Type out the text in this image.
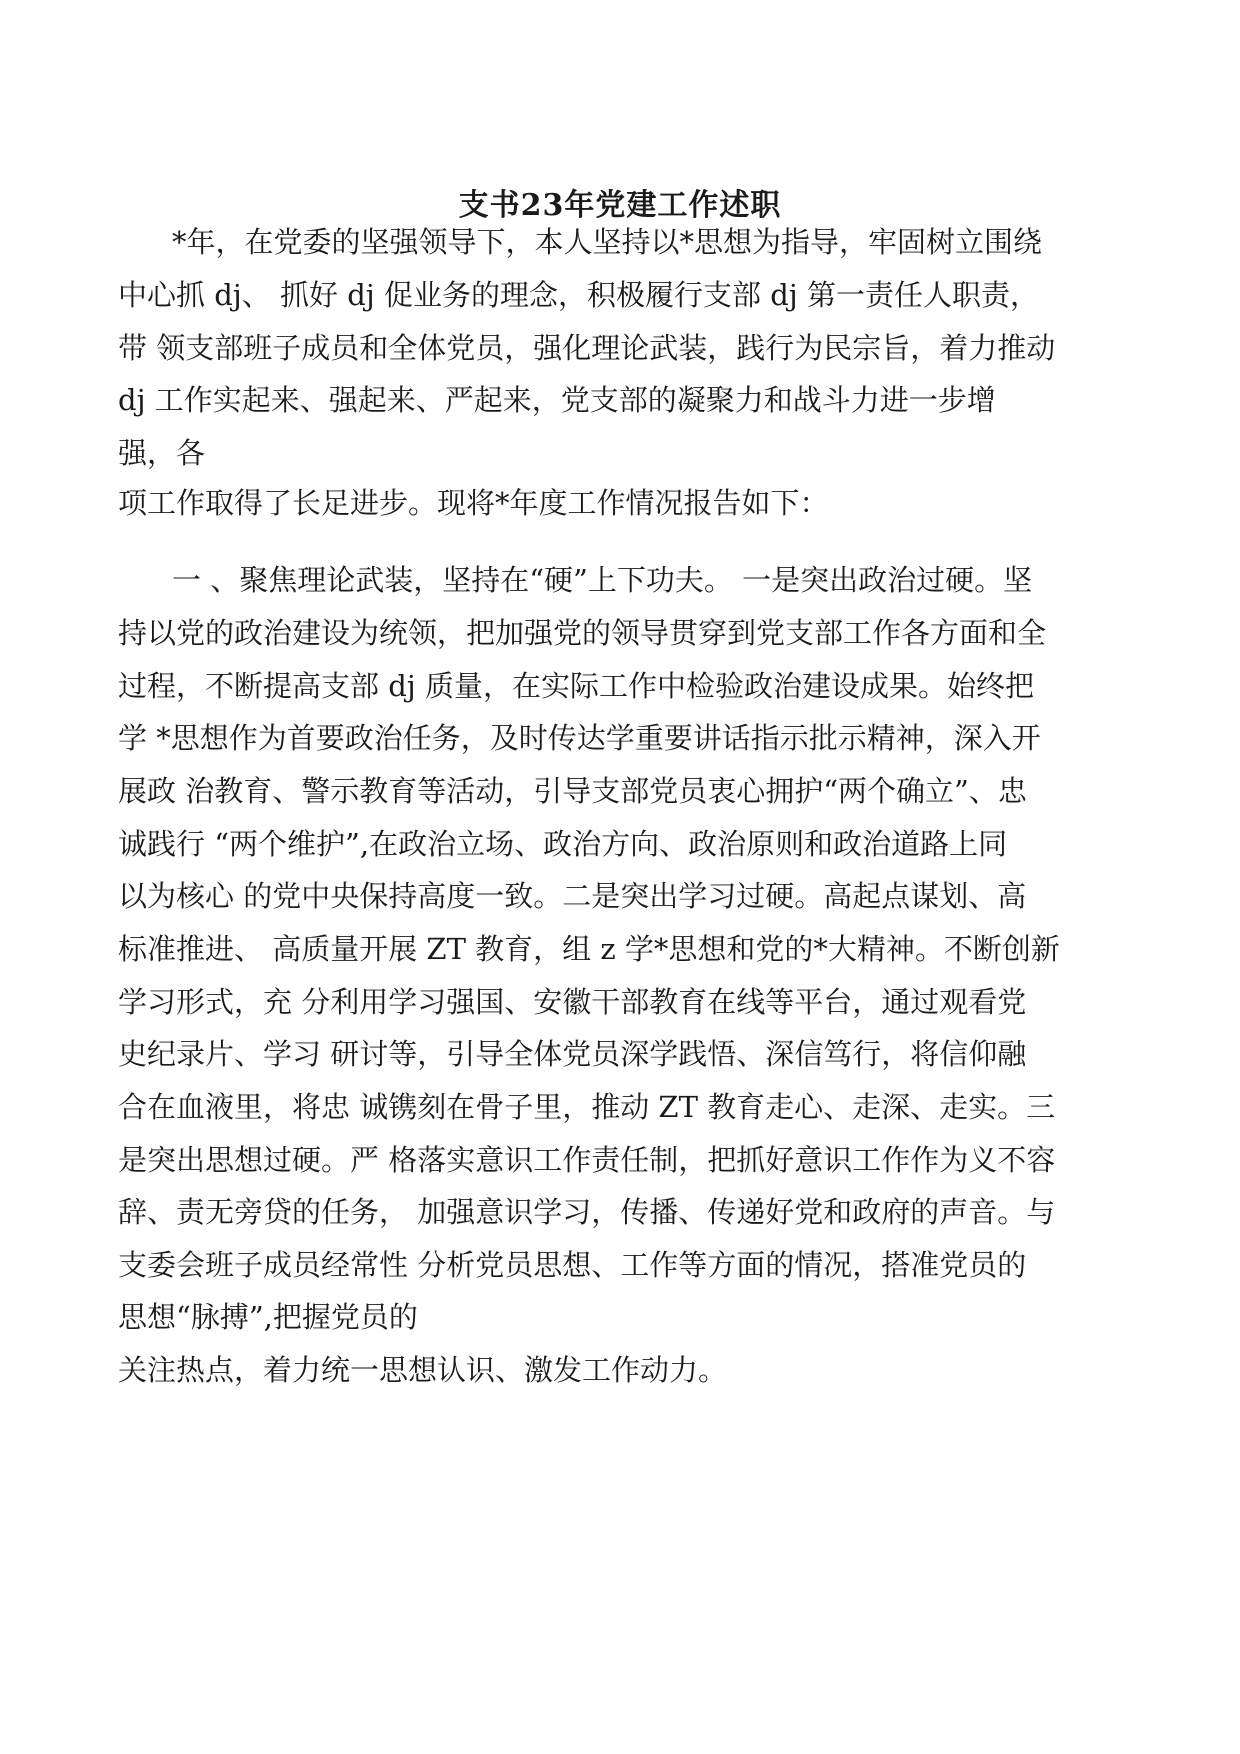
支书23年党建工作述职
*年，在党委的坚强领导下，本人坚持以*思想为指导，牢固树立围绕
中心抓 dj、 抓好 dj 促业务的理念，积极履行支部 dj 第一责任人职责，
带 领支部班子成员和全体党员，强化理论武装，践行为民宗旨，着力推动
dj 工作实起来、强起来、严起来，党支部的凝聚力和战斗力进一步增
强，各
项工作取得了长足进步。现将*年度工作情况报告如下：
一 、聚焦理论武装，坚持在“硬”上下功夫。 一是突出政治过硬。坚
持以党的政治建设为统领，把加强党的领导贯穿到党支部工作各方面和全
过程，不断提高支部 dj 质量，在实际工作中检验政治建设成果。始终把
学 *思想作为首要政治任务，及时传达学重要讲话指示批示精神，深入开
展政 治教育、警示教育等活动，引导支部党员衷心拥护“两个确立”、忠
诚践行 “两个维护”,在政治立场、政治方向、政治原则和政治道路上同
以为核心 的党中央保持高度一致。二是突出学习过硬。高起点谋划、高
标准推进、 高质量开展 ZT 教育，组 z 学*思想和党的*大精神。不断创新
学习形式，充 分利用学习强国、安徽干部教育在线等平台，通过观看党
史纪录片、学习 研讨等，引导全体党员深学践悟、深信笃行，将信仰融
合在血液里，将忠 诚镌刻在骨子里，推动 ZT 教育走心、走深、走实。三
是突出思想过硬。严 格落实意识工作责任制，把抓好意识工作作为义不容
辞、责无旁贷的任务， 加强意识学习，传播、传递好党和政府的声音。与
支委会班子成员经常性 分析党员思想、工作等方面的情况，搭准党员的
思想“脉搏”,把握党员的
关注热点，着力统一思想认识、激发工作动力。
